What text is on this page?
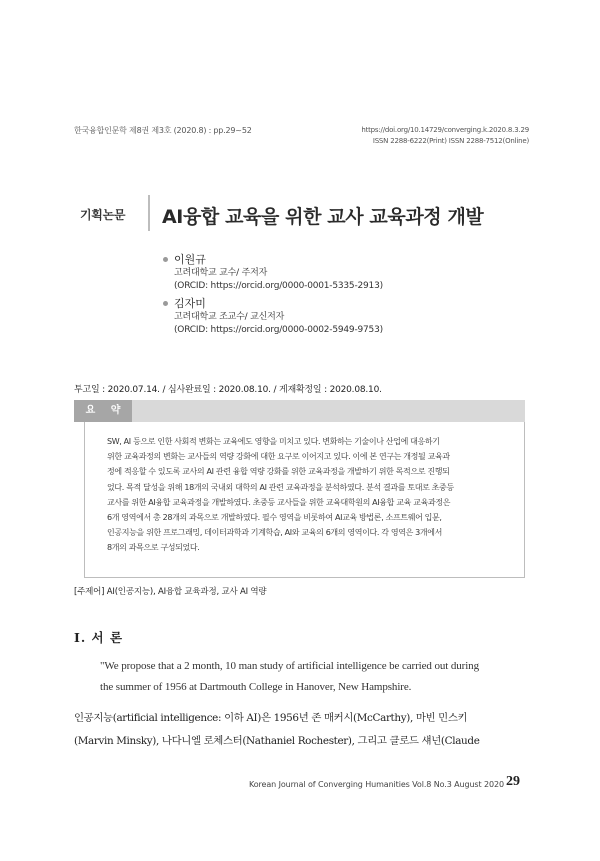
한국융합인문학 제8권 제3호 (2020.8) : pp.29~52	https://doi.org/10.14729/converging.k.2020.8.3.29
ISSN 2288-6222(Print) ISSN 2288-7512(Online)
기획논문 AI융합 교육을 위한 교사 교육과정 개발
이원규
고려대학교 교수/ 주저자
(ORCID: https://orcid.org/0000-0001-5335-2913)
김자미
고려대학교 조교수/ 교신저자
(ORCID: https://orcid.org/0000-0002-5949-9753)
투고일 : 2020.07.14. / 심사완료일 : 2020.08.10. / 게재확정일 : 2020.08.10.
요 약
SW, AI 등으로 인한 사회적 변화는 교육에도 영향을 미치고 있다. 변화하는 기술이나 산업에 대응하기
위한 교육과정의 변화는 교사들의 역량 강화에 대한 요구로 이어지고 있다. 이에 본 연구는 개정될 교육과
정에 적응할 수 있도록 교사의 AI 관련 융합 역량 강화를 위한 교육과정을 개발하기 위한 목적으로 진행되
었다. 목적 달성을 위해 18개의 국내외 대학의 AI 관련 교육과정을 분석하였다. 분석 결과를 토대로 초중등
교사를 위한 AI융합 교육과정을 개발하였다. 초중등 교사들을 위한 교육대학원의 AI융합 교육 교육과정은
6개 영역에서 총 28개의 과목으로 개발하였다. 필수 영역을 비롯하여 AI교육 방법론, 소프트웨어 입문,
인공지능을 위한 프로그래밍, 데이터과학과 기계학습, AI와 교육의 6개의 영역이다. 각 영역은 3개에서
8개의 과목으로 구성되었다.
[주제어] AI(인공지능), AI융합 교육과정, 교사 AI 역량
I. 서 론
"We propose that a 2 month, 10 man study of artificial intelligence be carried out during
the summer of 1956 at Dartmouth College in Hanover, New Hampshire.
인공지능(artificial intelligence: 이하 AI)은 1956년 존 매커시(McCarthy), 마빈 민스키
(Marvin Minsky), 나다니엘 로체스터(Nathaniel Rochester), 그리고 클로드 섀넌(Claude
Korean Journal of Converging Humanities Vol.8 No.3 August 2020 29
